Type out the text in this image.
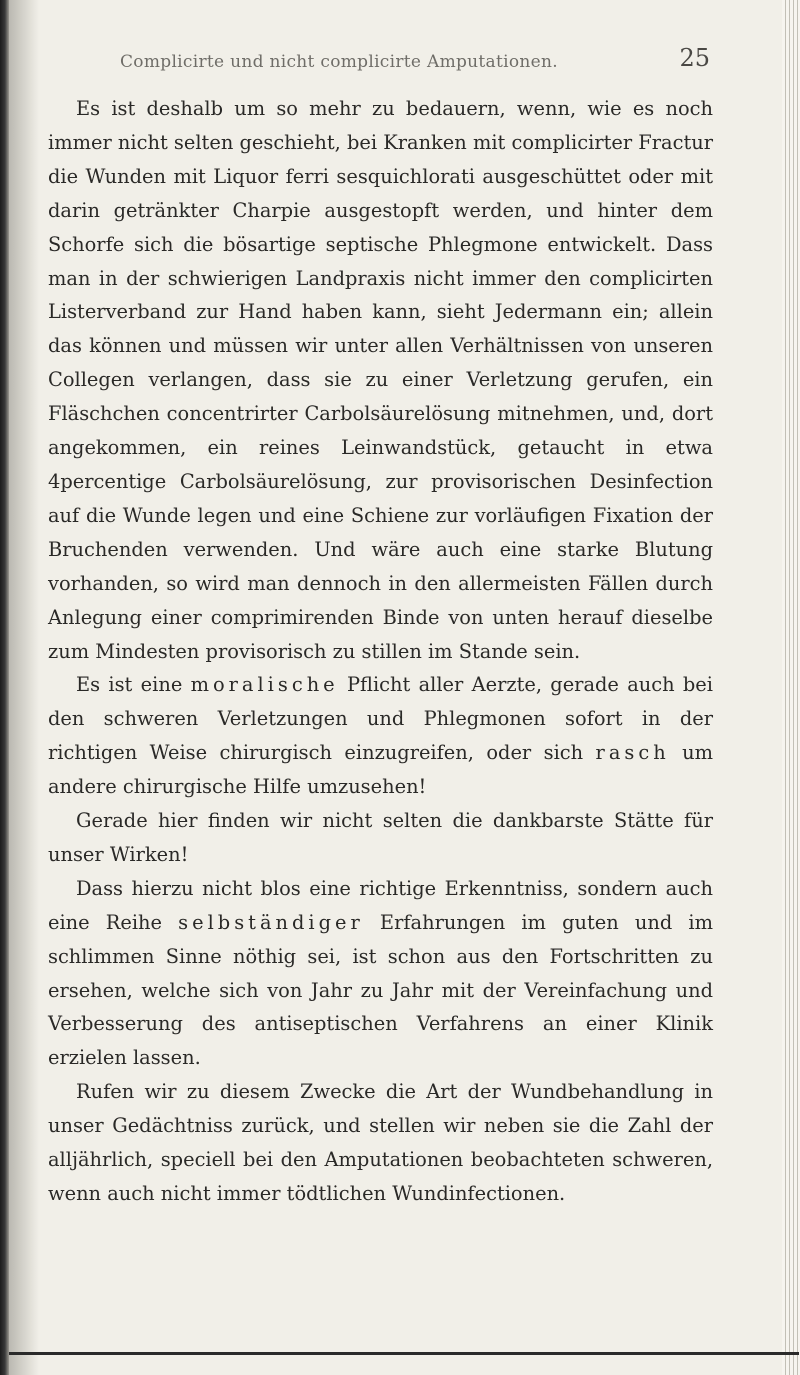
Complicirte und nicht complicirte Amputationen.	25

Es ist deshalb um so mehr zu bedauern, wenn, wie es noch immer nicht selten geschieht, bei Kranken mit complicirter Fractur die Wunden mit Liquor ferri sesquichlorati ausgeschüttet oder mit darin getränkter Charpie ausgestopft werden, und hinter dem Schorfe sich die bösartige septische Phlegmone entwickelt. Dass man in der schwierigen Landpraxis nicht immer den complicirten Listerverband zur Hand haben kann, sieht Jedermann ein; allein das können und müssen wir unter allen Verhältnissen von unseren Collegen verlangen, dass sie zu einer Verletzung gerufen, ein Fläschchen concentrirter Carbolsäurelösung mitnehmen, und, dort angekommen, ein reines Leinwandstück, getaucht in etwa 4percentige Carbolsäurelösung, zur provisorischen Desinfection auf die Wunde legen und eine Schiene zur vorläufigen Fixation der Bruchenden verwenden. Und wäre auch eine starke Blutung vorhanden, so wird man dennoch in den allermeisten Fällen durch Anlegung einer comprimirenden Binde von unten herauf dieselbe zum Mindesten provisorisch zu stillen im Stande sein.

Es ist eine moralische Pflicht aller Aerzte, gerade auch bei den schweren Verletzungen und Phlegmonen sofort in der richtigen Weise chirurgisch einzugreifen, oder sich rasch um andere chirurgische Hilfe umzusehen!

Gerade hier finden wir nicht selten die dankbarste Stätte für unser Wirken!

Dass hierzu nicht blos eine richtige Erkenntniss, sondern auch eine Reihe selbständiger Erfahrungen im guten und im schlimmen Sinne nöthig sei, ist schon aus den Fortschritten zu ersehen, welche sich von Jahr zu Jahr mit der Vereinfachung und Verbesserung des antiseptischen Verfahrens an einer Klinik erzielen lassen.

Rufen wir zu diesem Zwecke die Art der Wundbehandlung in unser Gedächtniss zurück, und stellen wir neben sie die Zahl der alljährlich, speciell bei den Amputationen beobachteten schweren, wenn auch nicht immer tödtlichen Wundinfectionen.
